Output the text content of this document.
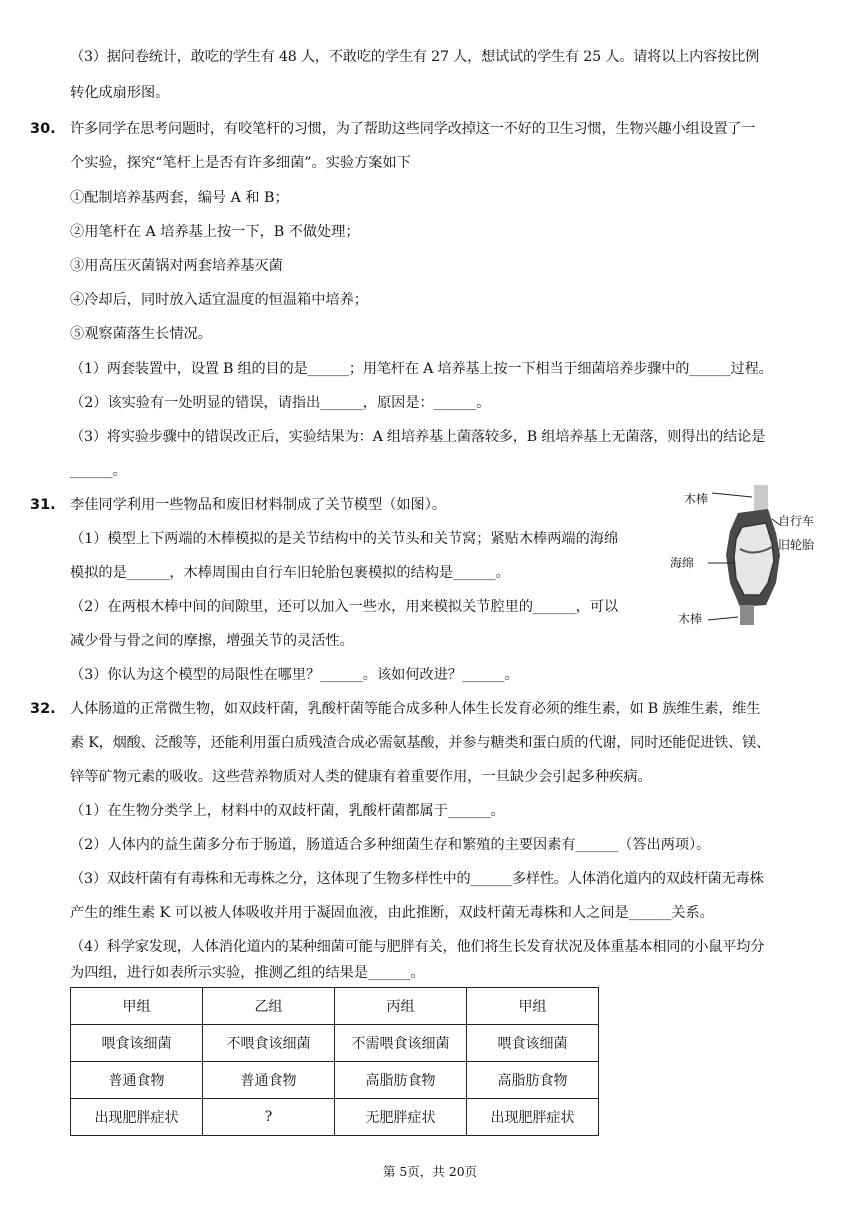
（3）据问卷统计，敢吃的学生有 48 人，不敢吃的学生有 27 人，想试试的学生有 25 人。请将以上内容按比例
转化成扇形图。
30. 许多同学在思考问题时，有咬笔杆的习惯，为了帮助这些同学改掉这一不好的卫生习惯，生物兴趣小组设置了一
个实验，探究“笔杆上是否有许多细菌”。实验方案如下
①配制培养基两套，编号 A 和 B；
②用笔杆在 A 培养基上按一下，B 不做处理；
③用高压灭菌锅对两套培养基灭菌
④冷却后，同时放入适宜温度的恒温箱中培养；
⑤观察菌落生长情况。
（1）两套装置中，设置 B 组的目的是______；用笔杆在 A 培养基上按一下相当于细菌培养步骤中的______过程。
（2）该实验有一处明显的错误，请指出______，原因是：______。
（3）将实验步骤中的错误改正后，实验结果为：A 组培养基上菌落较多，B 组培养基上无菌落，则得出的结论是
______。
31. 李佳同学利用一些物品和废旧材料制成了关节模型（如图）。
（1）模型上下两端的木棒模拟的是关节结构中的关节头和关节窝；紧贴木棒两端的海绵
模拟的是______，木棒周围由自行车旧轮胎包裹模拟的结构是______。
（2）在两根木棒中间的间隙里，还可以加入一些水，用来模拟关节腔里的______，可以
减少骨与骨之间的摩擦，增强关节的灵活性。
（3）你认为这个模型的局限性在哪里？______。该如何改进？______。
木棒
自行车
旧轮胎
海绵
木棒
32. 人体肠道的正常微生物，如双歧杆菌，乳酸杆菌等能合成多种人体生长发育必须的维生素，如 B 族维生素，维生
素 K，烟酸、泛酸等，还能利用蛋白质残渣合成必需氨基酸，并参与糖类和蛋白质的代谢，同时还能促进铁、镁、
锌等矿物元素的吸收。这些营养物质对人类的健康有着重要作用，一旦缺少会引起多种疾病。
（1）在生物分类学上，材料中的双歧杆菌，乳酸杆菌都属于______。
（2）人体内的益生菌多分布于肠道，肠道适合多种细菌生存和繁殖的主要因素有______（答出两项）。
（3）双歧杆菌有有毒株和无毒株之分，这体现了生物多样性中的______多样性。人体消化道内的双歧杆菌无毒株
产生的维生素 K 可以被人体吸收并用于凝固血液，由此推断，双歧杆菌无毒株和人之间是______关系。
（4）科学家发现，人体消化道内的某种细菌可能与肥胖有关，他们将生长发育状况及体重基本相同的小鼠平均分
为四组，进行如表所示实验，推测乙组的结果是______。
甲组	乙组	丙组	甲组
喂食该细菌	不喂食该细菌	不需喂食该细菌	喂食该细菌
普通食物	普通食物	高脂肪食物	高脂肪食物
出现肥胖症状	?	无肥胖症状	出现肥胖症状
第 5页，共 20页
